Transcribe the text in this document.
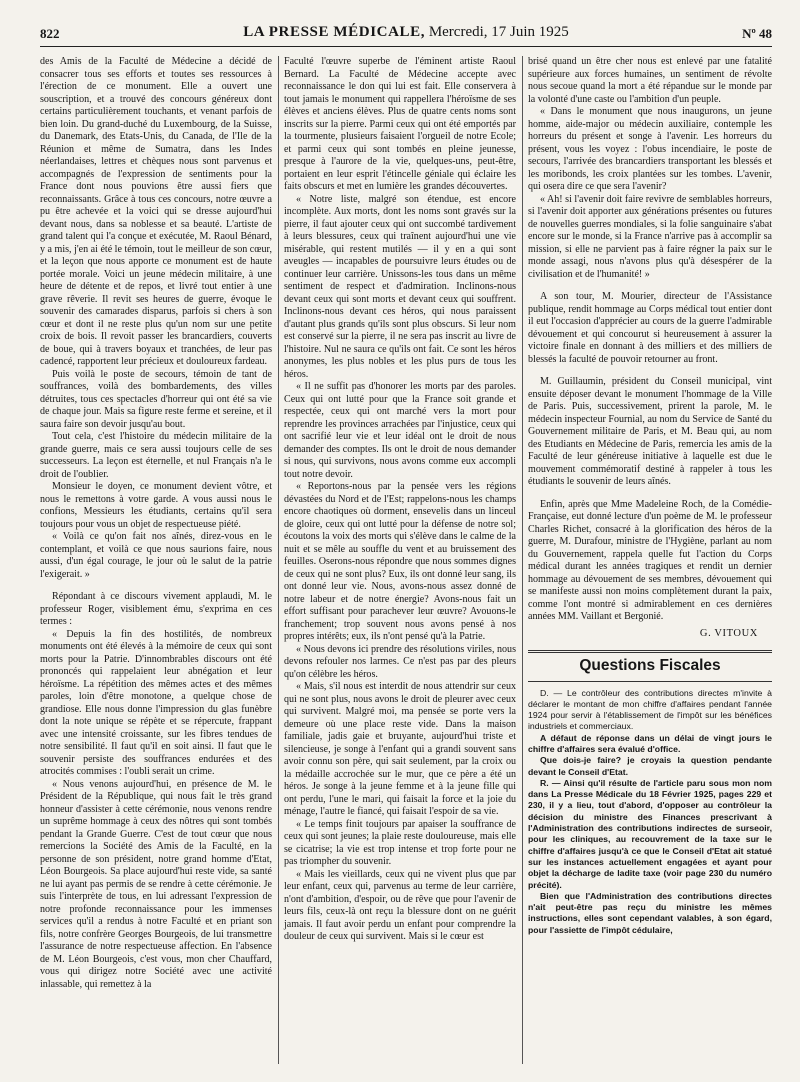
822	LA PRESSE MÉDICALE, Mercredi, 17 Juin 1925	Nº 48

des Amis de la Faculté de Médecine a décidé de consacrer tous ses efforts et toutes ses ressources à l'érection de ce monument. Elle a ouvert une souscription, et a trouvé des concours généreux dont certains particulièrement touchants, et venant parfois de bien loin. Du grand-duché du Luxembourg, de la Suisse, du Danemark, des Etats-Unis, du Canada, de l'Ile de la Réunion et même de Sumatra, dans les Indes néerlandaises, lettres et chèques nous sont parvenus et accompagnés de l'expression de sentiments pour la France dont nous pouvions être aussi fiers que reconnaissants. Grâce à tous ces concours, notre œuvre a pu être achevée et la voici qui se dresse aujourd'hui devant nous, dans sa noblesse et sa beauté. L'artiste de grand talent qui l'a conçue et exécutée, M. Raoul Bénard, y a mis, j'en ai été le témoin, tout le meilleur de son cœur, et la leçon que nous apporte ce monument est de haute portée morale. Voici un jeune médecin militaire, à une heure de détente et de repos, et livré tout entier à une grave rêverie. Il revit ses heures de guerre, évoque le souvenir des camarades disparus, parfois si chers à son cœur et dont il ne reste plus qu'un nom sur une petite croix de bois. Il revoit passer les brancardiers, couverts de boue, qui à travers boyaux et tranchées, de leur pas cadencé, rapportent leur précieux et douloureux fardeau.

Puis voilà le poste de secours, témoin de tant de souffrances, voilà des bombardements, des villes détruites, tous ces spectacles d'horreur qui ont été sa vie de chaque jour. Mais sa figure reste ferme et sereine, et il saura faire son devoir jusqu'au bout.

Tout cela, c'est l'histoire du médecin militaire de la grande guerre, mais ce sera aussi toujours celle de ses successeurs. La leçon est éternelle, et nul Français n'a le droit de l'oublier.

Monsieur le doyen, ce monument devient vôtre, et nous le remettons à votre garde. A vous aussi nous le confions, Messieurs les étudiants, certains qu'il sera toujours pour vous un objet de respectueuse piété.

« Voilà ce qu'on fait nos aînés, direz-vous en le contemplant, et voilà ce que nous saurions faire, nous aussi, d'un égal courage, le jour où le salut de la patrie l'exigerait. »

Répondant à ce discours vivement applaudi, M. le professeur Roger, visiblement ému, s'exprima en ces termes :

« Depuis la fin des hostilités, de nombreux monuments ont été élevés à la mémoire de ceux qui sont morts pour la Patrie. D'innombrables discours ont été prononcés qui rappelaient leur abnégation et leur héroïsme. La répétition des mêmes actes et des mêmes paroles, loin d'être monotone, a quelque chose de grandiose. Elle nous donne l'impression du glas funèbre dont la note unique se répète et se répercute, frappant avec une intensité croissante, sur les fibres tendues de notre sensibilité. Il faut qu'il en soit ainsi. Il faut que le souvenir persiste des souffrances endurées et des atrocités commises : l'oubli serait un crime.

« Nous venons aujourd'hui, en présence de M. le Président de la République, qui nous fait le très grand honneur d'assister à cette cérémonie, nous venons rendre un suprême hommage à ceux des nôtres qui sont tombés pendant la Grande Guerre. C'est de tout cœur que nous remercions la Société des Amis de la Faculté, en la personne de son président, notre grand homme d'Etat, Léon Bourgeois. Sa place aujourd'hui reste vide, sa santé ne lui ayant pas permis de se rendre à cette cérémonie. Je suis l'interprète de tous, en lui adressant l'expression de notre profonde reconnaissance pour les immenses services qu'il a rendus à notre Faculté et en priant son fils, notre confrère Georges Bourgeois, de lui transmettre l'assurance de notre respectueuse affection. En l'absence de M. Léon Bourgeois, c'est vous, mon cher Chauffard, vous qui dirigez notre Société avec une activité inlassable, qui remettez à la

Faculté l'œuvre superbe de l'éminent artiste Raoul Bernard. La Faculté de Médecine accepte avec reconnaissance le don qui lui est fait. Elle conservera à tout jamais le monument qui rappellera l'héroïsme de ses élèves et anciens élèves. Plus de quatre cents noms sont inscrits sur la pierre. Parmi ceux qui ont été emportés par la tourmente, plusieurs faisaient l'orgueil de notre Ecole; et parmi ceux qui sont tombés en pleine jeunesse, presque à l'aurore de la vie, quelques-uns, peut-être, portaient en leur esprit l'étincelle géniale qui éclaire les faits obscurs et met en lumière les grandes découvertes.

« Notre liste, malgré son étendue, est encore incomplète. Aux morts, dont les noms sont gravés sur la pierre, il faut ajouter ceux qui ont succombé tardivement à leurs blessures, ceux qui traînent aujourd'hui une vie misérable, qui restent mutilés — il y en a qui sont aveugles — incapables de poursuivre leurs études ou de continuer leur carrière. Unissons-les tous dans un même sentiment de respect et d'admiration. Inclinons-nous devant ceux qui sont morts et devant ceux qui souffrent. Inclinons-nous devant ces héros, qui nous paraissent d'autant plus grands qu'ils sont plus obscurs. Si leur nom est conservé sur la pierre, il ne sera pas inscrit au livre de l'histoire. Nul ne saura ce qu'ils ont fait. Ce sont les héros anonymes, les plus nobles et les plus purs de tous les héros.

« Il ne suffit pas d'honorer les morts par des paroles. Ceux qui ont lutté pour que la France soit grande et respectée, ceux qui ont marché vers la mort pour reprendre les provinces arrachées par l'injustice, ceux qui ont sacrifié leur vie et leur idéal ont le droit de nous demander des comptes. Ils ont le droit de nous demander si nous, qui survivons, nous avons comme eux accompli tout notre devoir.

« Reportons-nous par la pensée vers les régions dévastées du Nord et de l'Est; rappelons-nous les champs encore chaotiques où dorment, ensevelis dans un linceul de gloire, ceux qui ont lutté pour la défense de notre sol; écoutons la voix des morts qui s'élève dans le calme de la nuit et se mêle au souffle du vent et au bruissement des feuilles. Oserons-nous répondre que nous sommes dignes de ceux qui ne sont plus? Eux, ils ont donné leur sang, ils ont donné leur vie. Nous, avons-nous assez donné de notre labeur et de notre énergie? Avons-nous fait un effort suffisant pour parachever leur œuvre? Avouons-le franchement; trop souvent nous avons pensé à nos propres intérêts; eux, ils n'ont pensé qu'à la Patrie.

« Nous devons ici prendre des résolutions viriles, nous devons refouler nos larmes. Ce n'est pas par des pleurs qu'on célèbre les héros.

« Mais, s'il nous est interdit de nous attendrir sur ceux qui ne sont plus, nous avons le droit de pleurer avec ceux qui survivent. Malgré moi, ma pensée se porte vers la demeure où une place reste vide. Dans la maison familiale, jadis gaie et bruyante, aujourd'hui triste et silencieuse, je songe à l'enfant qui a grandi souvent sans avoir connu son père, qui sait seulement, par la croix ou la médaille accrochée sur le mur, que ce père a été un héros. Je songe à la jeune femme et à la jeune fille qui ont perdu, l'une le mari, qui faisait la force et la joie du ménage, l'autre le fiancé, qui faisait l'espoir de sa vie.

« Le temps finit toujours par apaiser la souffrance de ceux qui sont jeunes; la plaie reste douloureuse, mais elle se cicatrise; la vie est trop intense et trop forte pour ne pas triompher du souvenir.

« Mais les vieillards, ceux qui ne vivent plus que par leur enfant, ceux qui, parvenus au terme de leur carrière, n'ont d'ambition, d'espoir, ou de rêve que pour l'avenir de leurs fils, ceux-là ont reçu la blessure dont on ne guérit jamais. Il faut avoir perdu un enfant pour comprendre la douleur de ceux qui survivent. Mais si le cœur est

brisé quand un être cher nous est enlevé par une fatalité supérieure aux forces humaines, un sentiment de révolte nous secoue quand la mort a été répandue sur le monde par la volonté d'une caste ou l'ambition d'un peuple.

« Dans le monument que nous inaugurons, un jeune homme, aide-major ou médecin auxiliaire, contemple les horreurs du présent et songe à l'avenir. Les horreurs du présent, vous les voyez : l'obus incendiaire, le poste de secours, l'arrivée des brancardiers transportant les blessés et les moribonds, les croix plantées sur les tombes. L'avenir, qui osera dire ce que sera l'avenir?

« Ah! si l'avenir doit faire revivre de semblables horreurs, si l'avenir doit apporter aux générations présentes ou futures de nouvelles guerres mondiales, si la folie sanguinaire s'abat encore sur le monde, si la France n'arrive pas à accomplir sa mission, si elle ne parvient pas à faire régner la paix sur le monde assagi, nous n'avons plus qu'à désespérer de la civilisation et de l'humanité! »

A son tour, M. Mourier, directeur de l'Assistance publique, rendit hommage au Corps médical tout entier dont il eut l'occasion d'apprécier au cours de la guerre l'admirable dévouement et qui concourut si heureusement à assurer la victoire finale en donnant à des milliers et des milliers de blessés la faculté de pouvoir retourner au front.

M. Guillaumin, président du Conseil municipal, vint ensuite déposer devant le monument l'hommage de la Ville de Paris. Puis, successivement, prirent la parole, M. le médecin inspecteur Fournial, au nom du Service de Santé du Gouvernement militaire de Paris, et M. Beau qui, au nom des Etudiants en Médecine de Paris, remercia les amis de la Faculté de leur généreuse initiative à laquelle est due le mouvement commémoratif destiné à rappeler à tous les étudiants le souvenir de leurs aînés.

Enfin, après que Mme Madeleine Roch, de la Comédie-Française, eut donné lecture d'un poème de M. le professeur Charles Richet, consacré à la glorification des héros de la guerre, M. Durafour, ministre de l'Hygiène, parlant au nom du Gouvernement, rappela quelle fut l'action du Corps médical durant les années tragiques et rendit un dernier hommage au dévouement de ses membres, dévouement qui se manifeste aussi non moins complètement durant la paix, comme l'ont montré si admirablement en ces dernières années MM. Vaillant et Bergonié.

G. VITOUX
Questions Fiscales

D. — Le contrôleur des contributions directes m'invite à déclarer le montant de mon chiffre d'affaires pendant l'année 1924 pour servir à l'établissement de l'impôt sur les bénéfices industriels et commerciaux.

A défaut de réponse dans un délai de vingt jours le chiffre d'affaires sera évalué d'office.

Que dois-je faire? je croyais la question pendante devant le Conseil d'Etat.

R. — Ainsi qu'il résulte de l'article paru sous mon nom dans La Presse Médicale du 18 Février 1925, pages 229 et 230, il y a lieu, tout d'abord, d'opposer au contrôleur la décision du ministre des Finances prescrivant à l'Administration des contributions indirectes de surseoir, pour les cliniques, au recouvrement de la taxe sur le chiffre d'affaires jusqu'à ce que le Conseil d'Etat ait statué sur les instances actuellement engagées et ayant pour objet la décharge de ladite taxe (voir page 230 du numéro précité).

Bien que l'Administration des contributions directes n'ait peut-être pas reçu du ministre les mêmes instructions, elles sont cependant valables, à son égard, pour l'assiette de l'impôt cédulaire,
